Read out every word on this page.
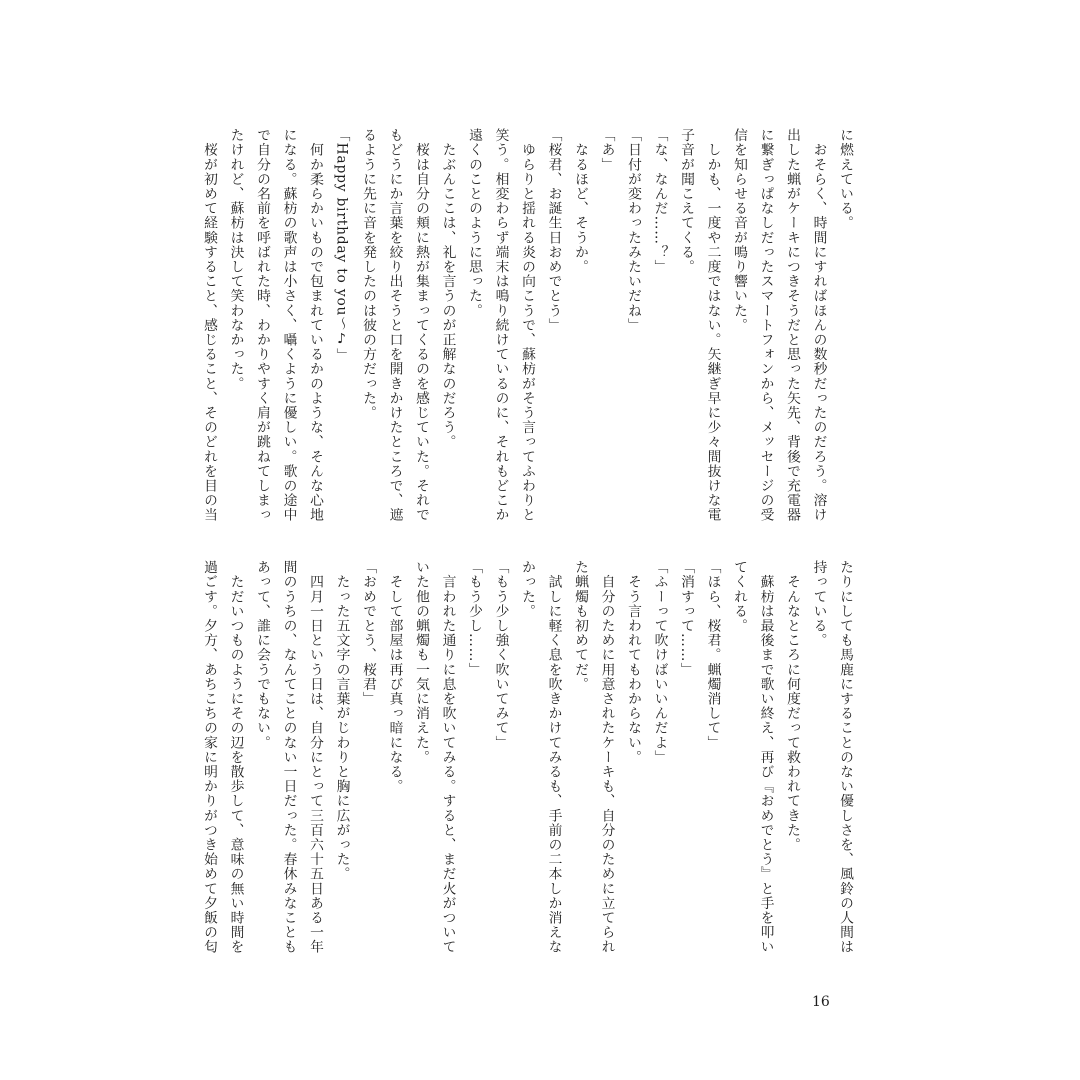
に燃えている。
　おそらく、時間にすればほんの数秒だったのだろう。溶け
出した蝋がケーキにつきそうだと思った矢先、背後で充電器
に繋ぎっぱなしだったスマートフォンから、メッセージの受
信を知らせる音が鳴り響いた。
　しかも、一度や二度ではない。矢継ぎ早に少々間抜けな電
子音が聞こえてくる。
「な、なんだ……？」
「日付が変わったみたいだね」
「あ」
　なるほど、そうか。
「桜君、お誕生日おめでとう」
　ゆらりと揺れる炎の向こうで、蘇枋がそう言ってふわりと
笑う。相変わらず端末は鳴り続けているのに、それもどこか
遠くのことのように思った。
　たぶんここは、礼を言うのが正解なのだろう。
　桜は自分の頬に熱が集まってくるのを感じていた。それで
もどうにか言葉を絞り出そうと口を開きかけたところで、遮
るように先に音を発したのは彼の方だった。
「Happy birthday to you〜♪」
　何か柔らかいもので包まれているかのような、そんな心地
になる。蘇枋の歌声は小さく、囁くように優しい。歌の途中
で自分の名前を呼ばれた時、わかりやすく肩が跳ねてしまっ
たけれど、蘇枋は決して笑わなかった。
　桜が初めて経験すること、感じること、そのどれを目の当
たりにしても馬鹿にすることのない優しさを、風鈴の人間は
持っている。
　そんなところに何度だって救われてきた。
　蘇枋は最後まで歌い終え、再び『おめでとう』と手を叩い
てくれる。
「ほら、桜君。蝋燭消して」
「消すって……」
「ふーって吹けばいいんだよ」
　そう言われてもわからない。
　自分のために用意されたケーキも、自分のために立てられ
た蝋燭も初めてだ。
　試しに軽く息を吹きかけてみるも、手前の二本しか消えな
かった。
「もう少し強く吹いてみて」
「もう少し……」
　言われた通りに息を吹いてみる。すると、まだ火がついて
いた他の蝋燭も一気に消えた。
　そして部屋は再び真っ暗になる。
「おめでとう、桜君」
　たった五文字の言葉がじわりと胸に広がった。
　四月一日という日は、自分にとって三百六十五日ある一年
間のうちの、なんてことのない一日だった。春休みなことも
あって、誰に会うでもない。
　ただいつものようにその辺を散歩して、意味の無い時間を
過ごす。夕方、あちこちの家に明かりがつき始めて夕飯の匂
16
